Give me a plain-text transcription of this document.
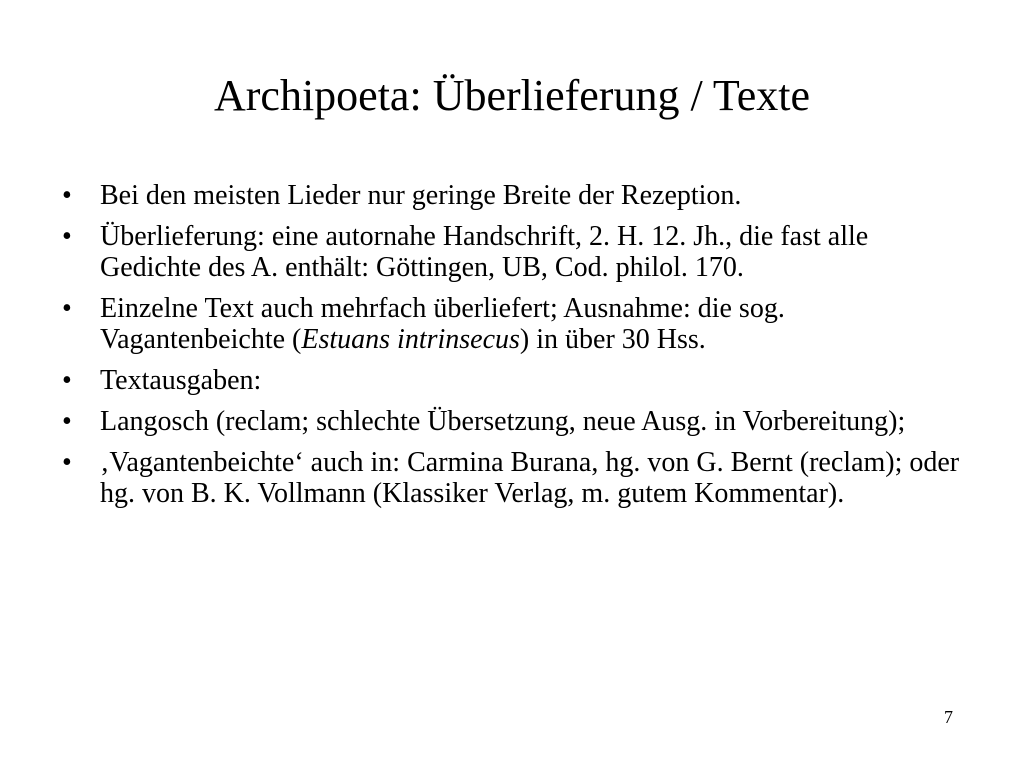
Archipoeta: Überlieferung / Texte
•	Bei den meisten Lieder nur geringe Breite der Rezeption.
•	Überlieferung: eine autornahe Handschrift, 2. H. 12. Jh., die fast alle Gedichte des A. enthält: Göttingen, UB, Cod. philol. 170.
•	Einzelne Text auch mehrfach überliefert; Ausnahme: die sog. Vagantenbeichte (Estuans intrinsecus) in über 30 Hss.
•	Textausgaben:
•	Langosch (reclam; schlechte Übersetzung, neue Ausg. in Vorbereitung);
•	‚Vagantenbeichte‘ auch in: Carmina Burana, hg. von G. Bernt (reclam); oder hg. von B. K. Vollmann (Klassiker Verlag, m. gutem Kommentar).
7
